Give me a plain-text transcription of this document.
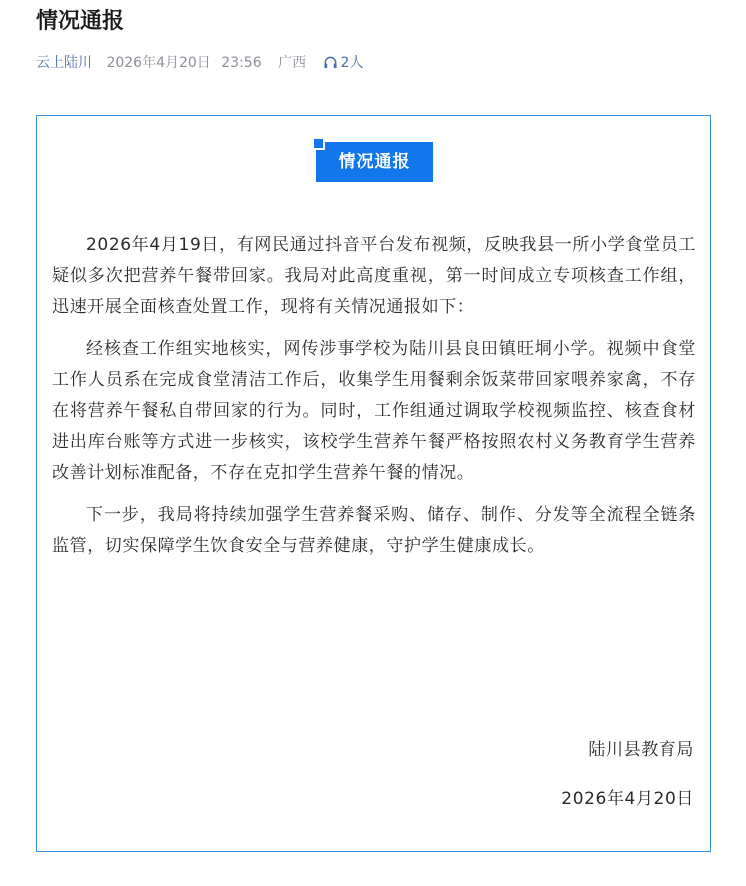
情况通报
云上陆川 2026年4月20日 23:56 广西 2人
情况通报

2026年4月19日，有网民通过抖音平台发布视频，反映我县一所小学食堂员工疑似多次把营养午餐带回家。我局对此高度重视，第一时间成立专项核查工作组，迅速开展全面核查处置工作，现将有关情况通报如下：

经核查工作组实地核实，网传涉事学校为陆川县良田镇旺垌小学。视频中食堂工作人员系在完成食堂清洁工作后，收集学生用餐剩余饭菜带回家喂养家禽，不存在将营养午餐私自带回家的行为。同时，工作组通过调取学校视频监控、核查食材进出库台账等方式进一步核实，该校学生营养午餐严格按照农村义务教育学生营养改善计划标准配备，不存在克扣学生营养午餐的情况。

下一步，我局将持续加强学生营养餐采购、储存、制作、分发等全流程全链条监管，切实保障学生饮食安全与营养健康，守护学生健康成长。

陆川县教育局
2026年4月20日
